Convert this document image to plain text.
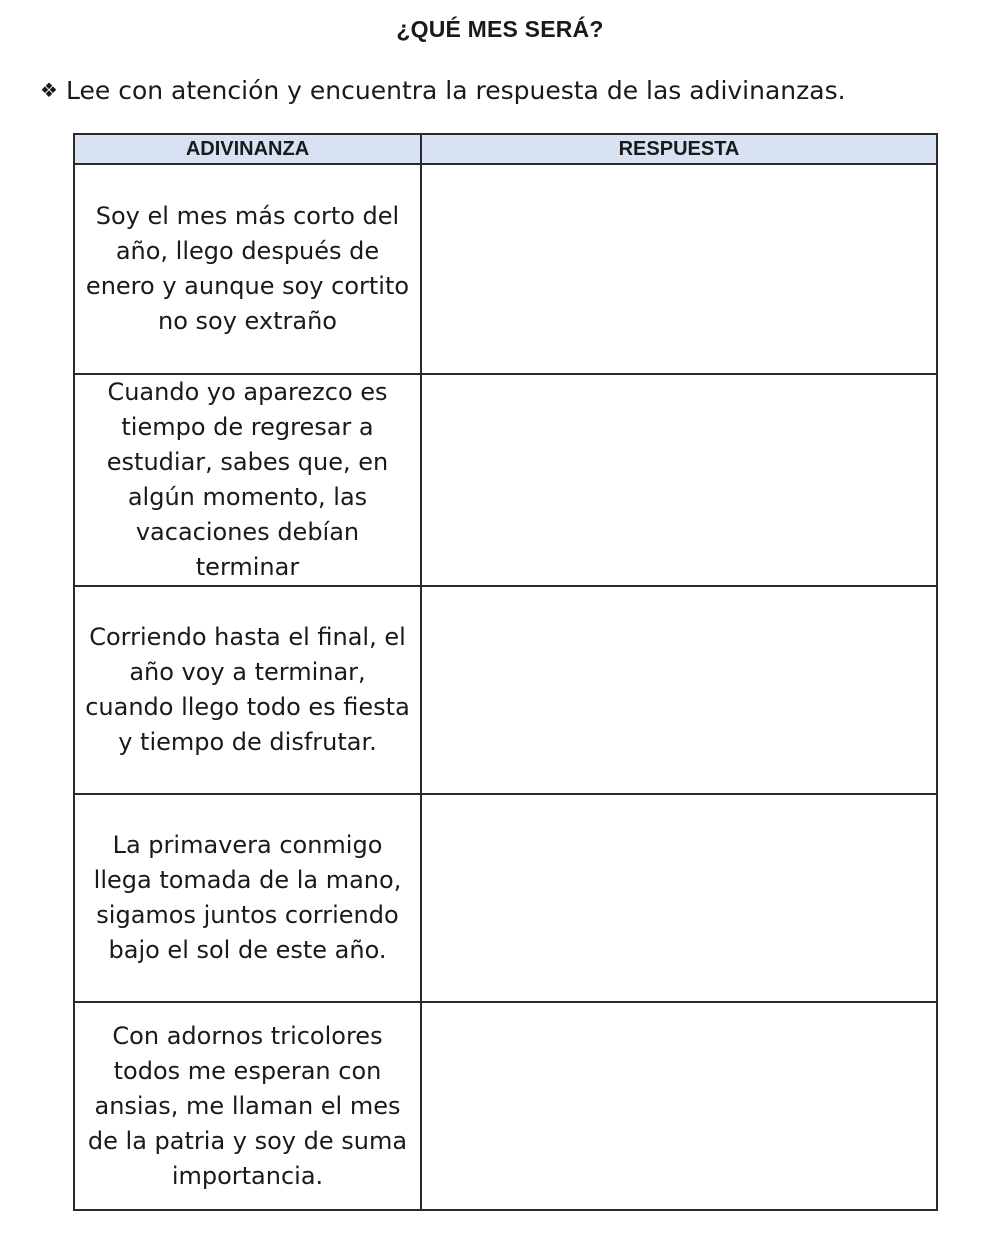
¿QUÉ MES SERÁ?
❖ Lee con atención y encuentra la respuesta de las adivinanzas.
ADIVINANZA	RESPUESTA
Soy el mes más corto del año, llego después de enero y aunque soy cortito no soy extraño	
Cuando yo aparezco es tiempo de regresar a estudiar, sabes que, en algún momento, las vacaciones debían terminar	
Corriendo hasta el final, el año voy a terminar, cuando llego todo es fiesta y tiempo de disfrutar.	
La primavera conmigo llega tomada de la mano, sigamos juntos corriendo bajo el sol de este año.	
Con adornos tricolores todos me esperan con ansias, me llaman el mes de la patria y soy de suma importancia.	
